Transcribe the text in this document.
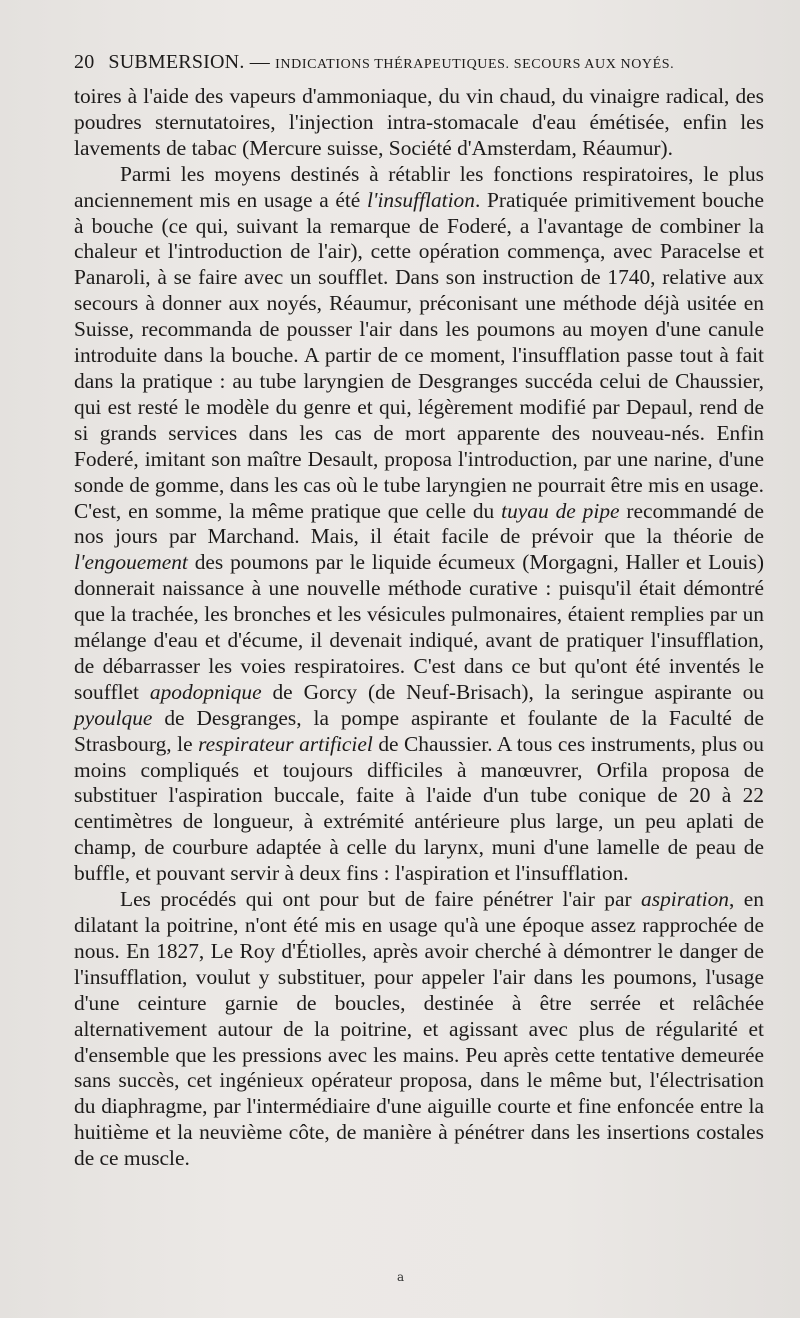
20 SUBMERSION. — INDICATIONS THÉRAPEUTIQUES. SECOURS AUX NOYÉS.

toires à l'aide des vapeurs d'ammoniaque, du vin chaud, du vinaigre radical, des poudres sternutatoires, l'injection intra-stomacale d'eau émétisée, enfin les lavements de tabac (Mercure suisse, Société d'Amsterdam, Réaumur).

Parmi les moyens destinés à rétablir les fonctions respiratoires, le plus anciennement mis en usage a été l'insufflation. Pratiquée primitivement bouche à bouche (ce qui, suivant la remarque de Foderé, a l'avantage de combiner la chaleur et l'introduction de l'air), cette opération commença, avec Paracelse et Panaroli, à se faire avec un soufflet. Dans son instruction de 1740, relative aux secours à donner aux noyés, Réaumur, préconisant une méthode déjà usitée en Suisse, recommanda de pousser l'air dans les poumons au moyen d'une canule introduite dans la bouche. A partir de ce moment, l'insufflation passe tout à fait dans la pratique : au tube laryngien de Desgranges succéda celui de Chaussier, qui est resté le modèle du genre et qui, légèrement modifié par Depaul, rend de si grands services dans les cas de mort apparente des nouveau-nés. Enfin Foderé, imitant son maître Desault, proposa l'introduction, par une narine, d'une sonde de gomme, dans les cas où le tube laryngien ne pourrait être mis en usage. C'est, en somme, la même pratique que celle du tuyau de pipe recommandé de nos jours par Marchand. Mais, il était facile de prévoir que la théorie de l'engouement des poumons par le liquide écumeux (Morgagni, Haller et Louis) donnerait naissance à une nouvelle méthode curative : puisqu'il était démontré que la trachée, les bronches et les vésicules pulmonaires, étaient remplies par un mélange d'eau et d'écume, il devenait indiqué, avant de pratiquer l'insufflation, de débarrasser les voies respiratoires. C'est dans ce but qu'ont été inventés le soufflet apodopnique de Gorcy (de Neuf-Brisach), la seringue aspirante ou pyoulque de Desgranges, la pompe aspirante et foulante de la Faculté de Strasbourg, le respirateur artificiel de Chaussier. A tous ces instruments, plus ou moins compliqués et toujours difficiles à manœuvrer, Orfila proposa de substituer l'aspiration buccale, faite à l'aide d'un tube conique de 20 à 22 centimètres de longueur, à extrémité antérieure plus large, un peu aplati de champ, de courbure adaptée à celle du larynx, muni d'une lamelle de peau de buffle, et pouvant servir à deux fins : l'aspiration et l'insufflation.

Les procédés qui ont pour but de faire pénétrer l'air par aspiration, en dilatant la poitrine, n'ont été mis en usage qu'à une époque assez rapprochée de nous. En 1827, Le Roy d'Étiolles, après avoir cherché à démontrer le danger de l'insufflation, voulut y substituer, pour appeler l'air dans les poumons, l'usage d'une ceinture garnie de boucles, destinée à être serrée et relâchée alternativement autour de la poitrine, et agissant avec plus de régularité et d'ensemble que les pressions avec les mains. Peu après cette tentative demeurée sans succès, cet ingénieux opérateur proposa, dans le même but, l'électrisation du diaphragme, par l'intermédiaire d'une aiguille courte et fine enfoncée entre la huitième et la neuvième côte, de manière à pénétrer dans les insertions costales de ce muscle.

a
